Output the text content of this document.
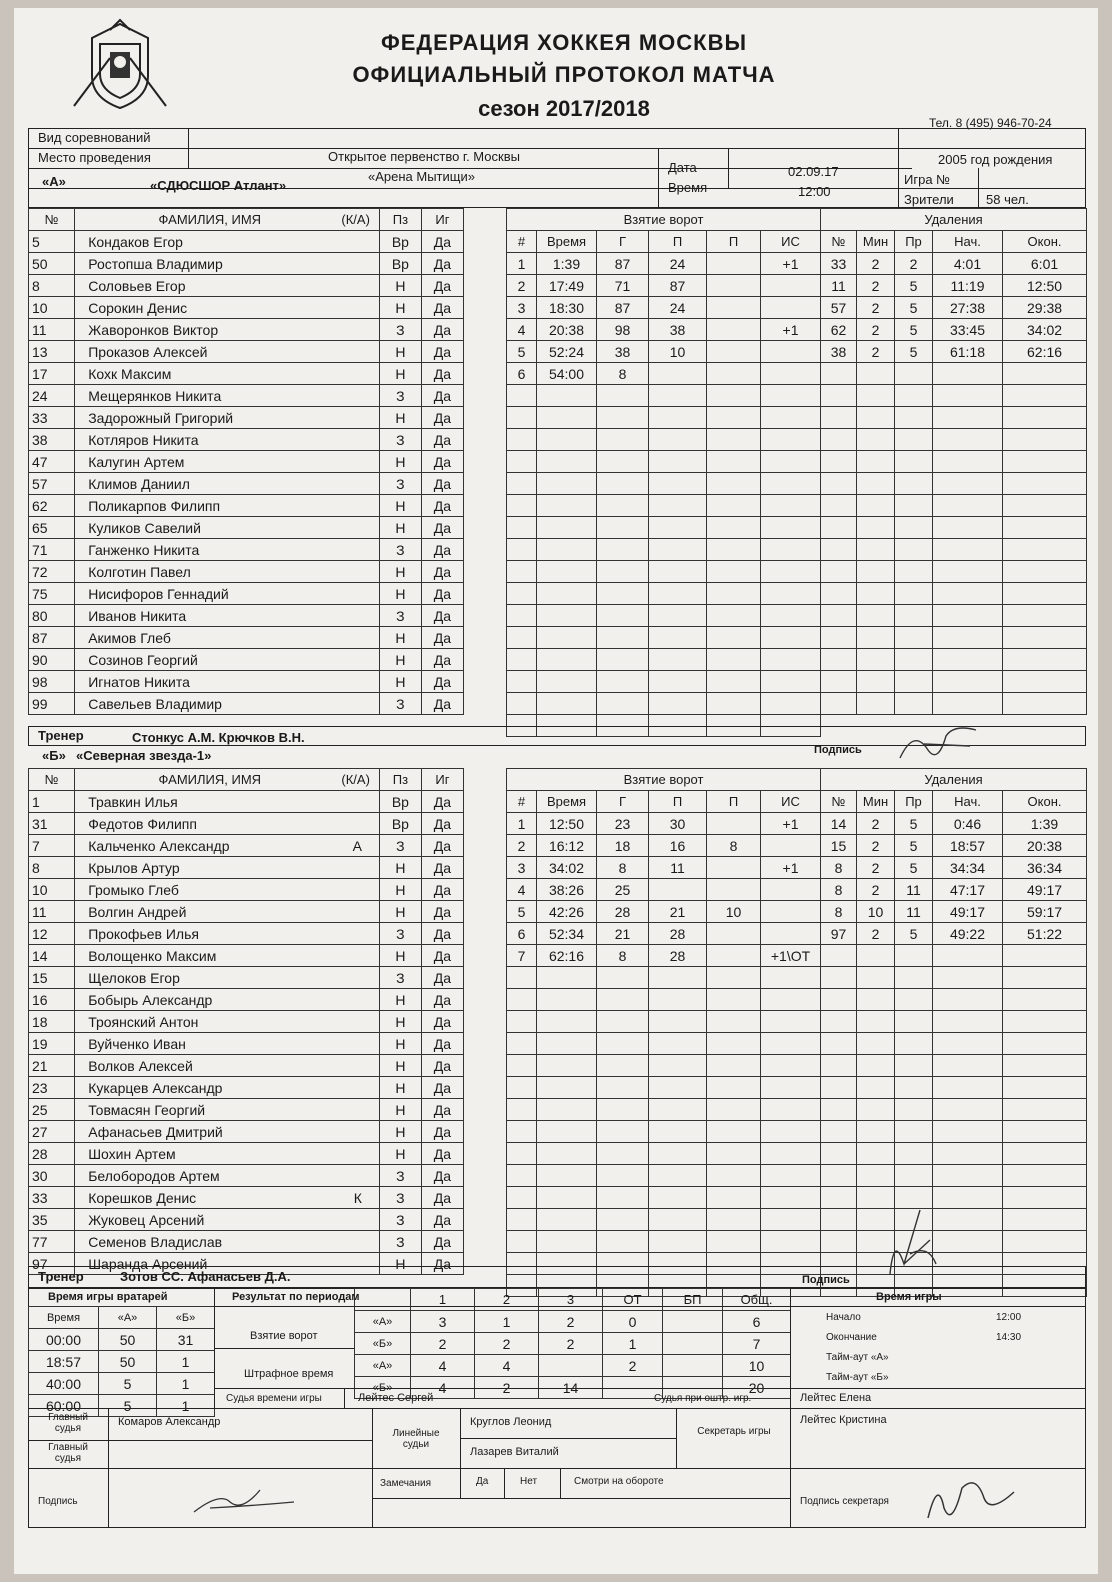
ФЕДЕРАЦИЯ ХОККЕЯ МОСКВЫ
ОФИЦИАЛЬНЫЙ ПРОТОКОЛ МАТЧА
сезон 2017/2018
Тел. 8 (495) 946-70-24
Вид соревнований
Открытое первенство г. Москвы
Место проведения
«Арена Мытищи»
Дата	02.09.17
Время	12:00
2005 год рождения
Игра №
Зрители 58 чел.
«А»	«СДЮСШОР Атлант»
№	ФАМИЛИЯ, ИМЯ (К/А)	Пз	Иг
5	Кондаков Егор	Вр	Да
50	Ростопша Владимир	Вр	Да
8	Соловьев Егор	Н	Да
10	Сорокин Денис	Н	Да
11	Жаворонков Виктор	З	Да
13	Проказов Алексей	Н	Да
17	Кохк Максим	Н	Да
24	Мещерянков Никита	З	Да
33	Задорожный Григорий	Н	Да
38	Котляров Никита	З	Да
47	Калугин Артем	Н	Да
57	Климов Даниил	З	Да
62	Поликарпов Филипп	Н	Да
65	Куликов Савелий	Н	Да
71	Ганженко Никита	З	Да
72	Колготин Павел	Н	Да
75	Нисифоров Геннадий	Н	Да
80	Иванов Никита	З	Да
87	Акимов Глеб	Н	Да
90	Созинов Георгий	Н	Да
98	Игнатов Никита	Н	Да
99	Савельев Владимир	З	Да
Взятие ворот					
#	Время	Г	П	П	ИС
1	1:39	87	24		+1
2	17:49	71	87		
3	18:30	87	24		
4	20:38	98	38		+1
5	52:24	38	10		
6	54:00	8			

Удаления				
№	Мин	Пр	Нач.	Окон.
33	2	2	4:01	6:01
11	2	5	11:19	12:50
57	2	5	27:38	29:38
62	2	5	33:45	34:02
38	2	5	61:18	62:16

Тренер	Стонкус А.М. Крючков В.Н.
Подпись
«Б» «Северная звезда-1»
№	ФАМИЛИЯ, ИМЯ (К/А)	Пз	Иг
1	Травкин Илья	Вр	Да
31	Федотов Филипп	Вр	Да
7	Кальченко Александр А	З	Да
8	Крылов Артур	Н	Да
10	Громыко Глеб	Н	Да
11	Волгин Андрей	Н	Да
12	Прокофьев Илья	З	Да
14	Волощенко Максим	Н	Да
15	Щелоков Егор	З	Да
16	Бобырь Александр	Н	Да
18	Троянский Антон	Н	Да
19	Вуйченко Иван	Н	Да
21	Волков Алексей	Н	Да
23	Кукарцев Александр	Н	Да
25	Товмасян Георгий	Н	Да
27	Афанасьев Дмитрий	Н	Да
28	Шохин Артем	Н	Да
30	Белобородов Артем	З	Да
33	Корешков Денис К	З	Да
35	Жуковец Арсений	З	Да
77	Семенов Владислав	З	Да
97	Шаранда Арсений	Н	Да
Взятие ворот					
#	Время	Г	П	П	ИС
1	12:50	23	30		+1
2	16:12	18	16	8	
3	34:02	8	11		+1
4	38:26	25			
5	42:26	28	21	10	
6	52:34	21	28		
7	62:16	8	28		+1\ОТ

Удаления				
№	Мин	Пр	Нач.	Окон.
14	2	5	0:46	1:39
15	2	5	18:57	20:38
8	2	5	34:34	36:34
8	2	11	47:17	49:17
8	10	11	49:17	59:17
97	2	5	49:22	51:22

Тренер	Зотов СС. Афанасьев Д.А.	Подпись
Время игры вратарей
Время	«А»	«Б»
00:00	50	31
18:57	50	1
40:00	5	1
60:00	5	1
Результат по периодам
Взятие ворот
Штрафное время
	1	2	3	ОТ	БП	Общ.
«А»	3	1	2	0		6
«Б»	2	2	2	1		7
«А»	4	4		2		10
«Б»	4	2	14			20
Время игры
Начало	12:00
Окончание	14:30
Тайм-аут «А»
Тайм-аут «Б»
Судья времени игры	Лейтес Сергей	Судья при оштр. игр.	Лейтес Елена
Главный судья
Комаров Александр
Главный судья
Линейные судьи
Круглов Леонид
Лазарев Виталий
Секретарь игры
Лейтес Кристина
Замечания	Да	Нет	Смотри на обороте
Подпись	Подпись секретаря
